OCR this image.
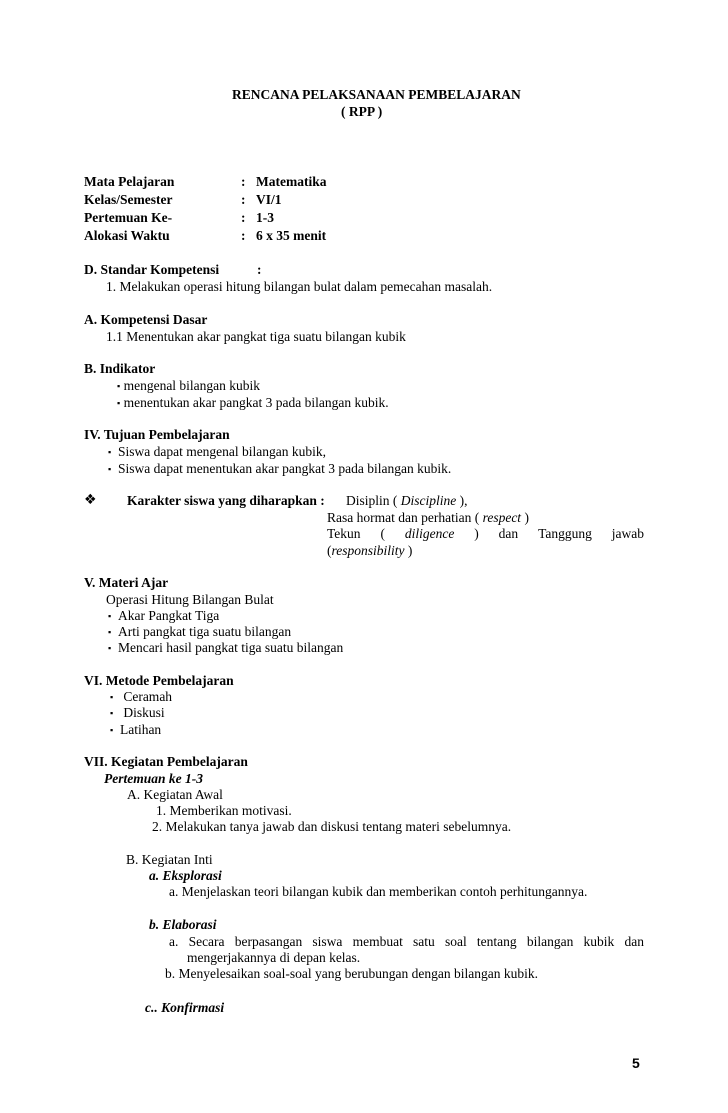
RENCANA PELAKSANAAN PEMBELAJARAN
( RPP )
Mata Pelajaran	: Matematika
Kelas/Semester	: VI/1
Pertemuan Ke-	: 1-3
Alokasi Waktu	: 6 x 35 menit
D. Standar Kompetensi	:
1. Melakukan operasi hitung bilangan bulat dalam pemecahan masalah.
A. Kompetensi Dasar
1.1 Menentukan akar pangkat tiga suatu bilangan kubik
B. Indikator
▪ mengenal bilangan kubik
▪ menentukan akar pangkat 3 pada bilangan kubik.
IV. Tujuan Pembelajaran
▪ Siswa dapat mengenal bilangan kubik,
▪ Siswa dapat menentukan akar pangkat 3 pada bilangan kubik.
❖ Karakter siswa yang diharapkan : Disiplin ( Discipline ),
Rasa hormat dan perhatian ( respect )
Tekun ( diligence ) dan Tanggung jawab
(responsibility )
V. Materi Ajar
Operasi Hitung Bilangan Bulat
▪ Akar Pangkat Tiga
▪ Arti pangkat tiga suatu bilangan
▪ Mencari hasil pangkat tiga suatu bilangan
VI. Metode Pembelajaran
▪ Ceramah
▪ Diskusi
▪ Latihan
VII. Kegiatan Pembelajaran
Pertemuan ke 1-3
A. Kegiatan Awal
1. Memberikan motivasi.
2. Melakukan tanya jawab dan diskusi tentang materi sebelumnya.
B. Kegiatan Inti
a. Eksplorasi
a. Menjelaskan teori bilangan kubik dan memberikan contoh perhitungannya.
b. Elaborasi
a. Secara berpasangan siswa membuat satu soal tentang bilangan kubik dan
mengerjakannya di depan kelas.
b. Menyelesaikan soal-soal yang berubungan dengan bilangan kubik.
c.. Konfirmasi
5
